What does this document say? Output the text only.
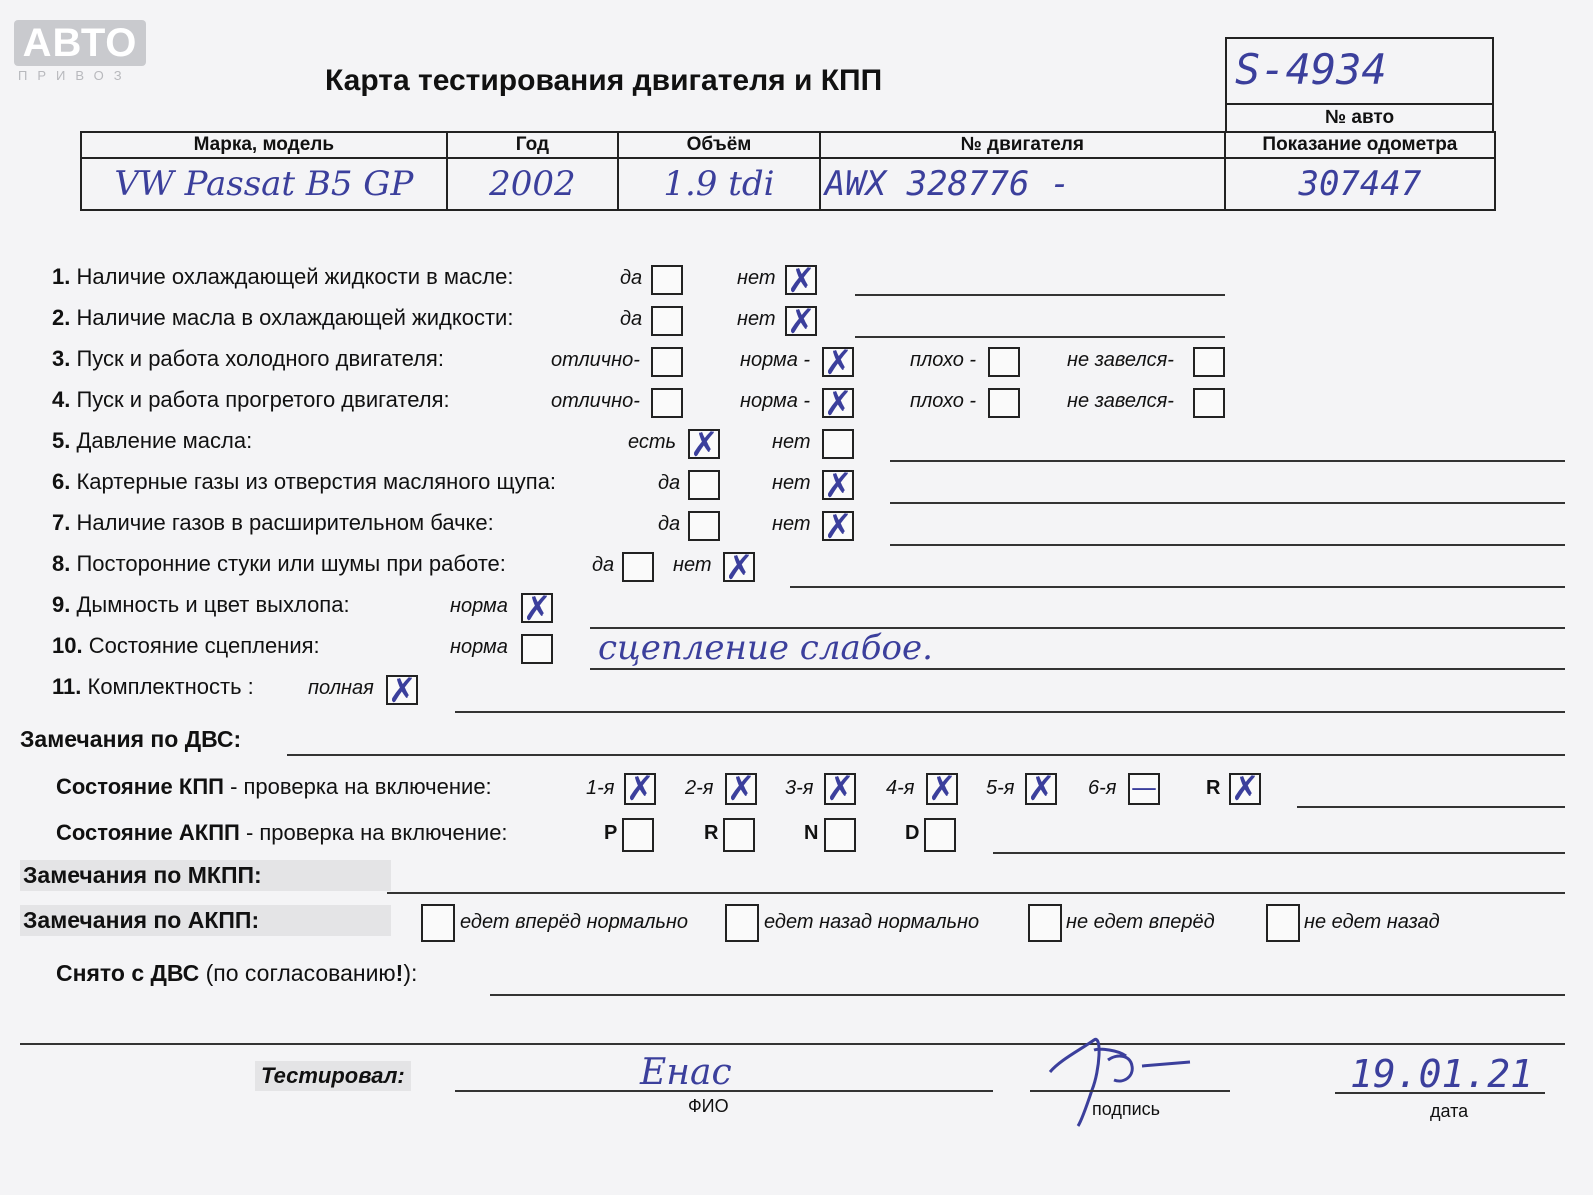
АВТО
ПРИВОЗ	Карта тестирования двигателя и КПП	S-4934
№ авто
Марка, модель	Год	Объём	№ двигателя	Показание одометра
VW Passat B5 GP	2002	1.9 tdi	AWX 328776 -	307447
1. Наличие охлаждающей жидкости в масле:	да	нет ✗
2. Наличие масла в охлаждающей жидкости:	да	нет ✗
3. Пуск и работа холодного двигателя:	отлично-	норма - ✗	плохо -	не завелся-
4. Пуск и работа прогретого двигателя:	отлично-	норма - ✗	плохо -	не завелся-
5. Давление масла:	есть ✗	нет
6. Картерные газы из отверстия масляного щупа:	да	нет ✗
7. Наличие газов в расширительном бачке:	да	нет ✗
8. Посторонние стуки или шумы при работе:	да	нет ✗
9. Дымность и цвет выхлопа:	норма ✗
10. Состояние сцепления:	норма	сцепление слабое.
11. Комплектность :	полная ✗
Замечания по ДВС:
Состояние КПП - проверка на включение:	1-я ✗ 2-я ✗ 3-я ✗ 4-я ✗ 5-я ✗ 6-я — R ✗
Состояние АКПП - проверка на включение:	P	R	N	D
Замечания по МКПП:
Замечания по АКПП:	едет вперёд нормально	едет назад нормально	не едет вперёд	не едет назад
Снято с ДВС (по согласованию!):
Тестировал:	Енас
ФИО	подпись
19.01.21
дата
